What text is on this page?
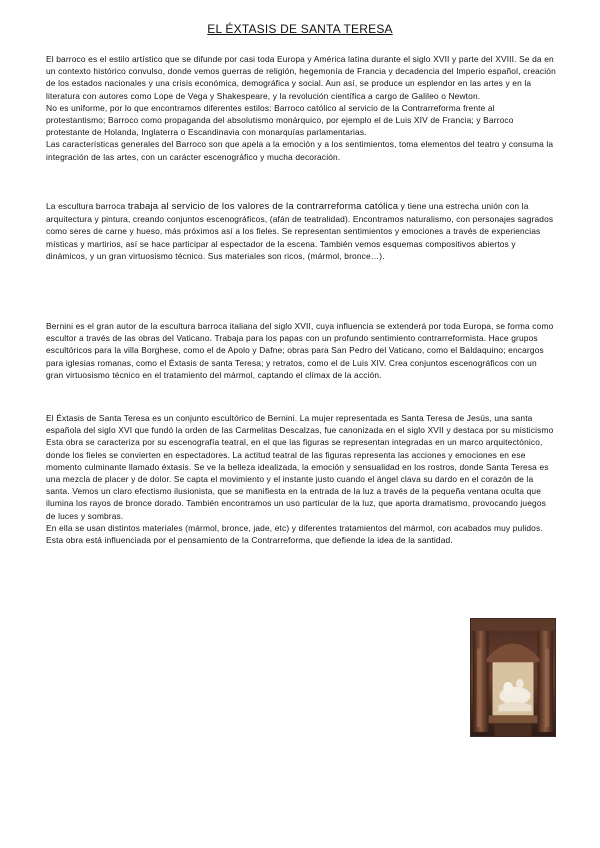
EL ÉXTASIS DE SANTA TERESA

El barroco es el estilo artístico que se difunde por casi toda Europa y América latina durante el siglo XVII y parte del XVIII. Se da en un contexto histórico convulso, donde vemos guerras de religión, hegemonía de Francia y decadencia del Imperio español, creación de los estados nacionales y una crisis económica, demográfica y social. Aun así, se produce un esplendor en las artes y en la literatura con autores como Lope de Vega y Shakespeare, y la revolución científica a cargo de Galileo o Newton.

No es uniforme, por lo que encontramos diferentes estilos: Barroco católico al servicio de la Contrarreforma frente al protestantismo; Barroco como propaganda del absolutismo monárquico, por ejemplo el de Luis XIV de Francia; y Barroco protestante de Holanda, Inglaterra o Escandinavia con monarquías parlamentarias.

Las características generales del Barroco son que apela a la emoción y a los sentimientos, toma elementos del teatro y consuma la integración de las artes, con un carácter escenográfico y mucha decoración.

La escultura barroca trabaja al servicio de los valores de la contrarreforma católica y tiene una estrecha unión con la arquitectura y pintura, creando conjuntos escenográficos, (afán de teatralidad). Encontramos naturalismo, con personajes sagrados como seres de carne y hueso, más próximos así a los fieles. Se representan sentimientos y emociones a través de experiencias místicas y martirios, así se hace participar al espectador de la escena. También vemos esquemas compositivos abiertos y dinámicos, y un gran virtuosismo técnico. Sus materiales son ricos, (mármol, bronce…).

Bernini es el gran autor de la escultura barroca italiana del siglo XVII, cuya influencia se extenderá por toda Europa, se forma como escultor a través de las obras del Vaticano. Trabaja para los papas con un profundo sentimiento contrarreformista. Hace grupos escultóricos para la villa Borghese, como el de Apolo y Dafne; obras para San Pedro del Vaticano, como el Baldaquino; encargos para iglesias romanas, como el Éxtasis de santa Teresa; y retratos, como el de Luis XIV. Crea conjuntos escenográficos con un gran virtuosismo técnico en el tratamiento del mármol, captando el clímax de la acción.

El Éxtasis de Santa Teresa es un conjunto escultórico de Bernini. La mujer representada es Santa Teresa de Jesús, una santa española del siglo XVI que fundó la orden de las Carmelitas Descalzas, fue canonizada en el siglo XVII y destaca por su misticismo

Esta obra se caracteriza por su escenografía teatral, en el que las figuras se representan integradas en un marco arquitectónico, donde los fieles se convierten en espectadores. La actitud teatral de las figuras representa las acciones y emociones en ese momento culminante llamado éxtasis. Se ve la belleza idealizada, la emoción y sensualidad en los rostros, donde Santa Teresa es una mezcla de placer y de dolor. Se capta el movimiento y el instante justo cuando el ángel clava su dardo en el corazón de la santa. Vemos un claro efectismo ilusionista, que se manifiesta en la entrada de la luz a través de la pequeña ventana oculta que ilumina los rayos de bronce dorado. También encontramos un uso particular de la luz, que aporta dramatismo, provocando juegos de luces y sombras.

En ella se usan distintos materiales (mármol, bronce, jade, etc) y diferentes tratamientos del mármol, con acabados muy pulidos.

Esta obra está influenciada por el pensamiento de la Contrarreforma, que defiende la idea de la santidad.
